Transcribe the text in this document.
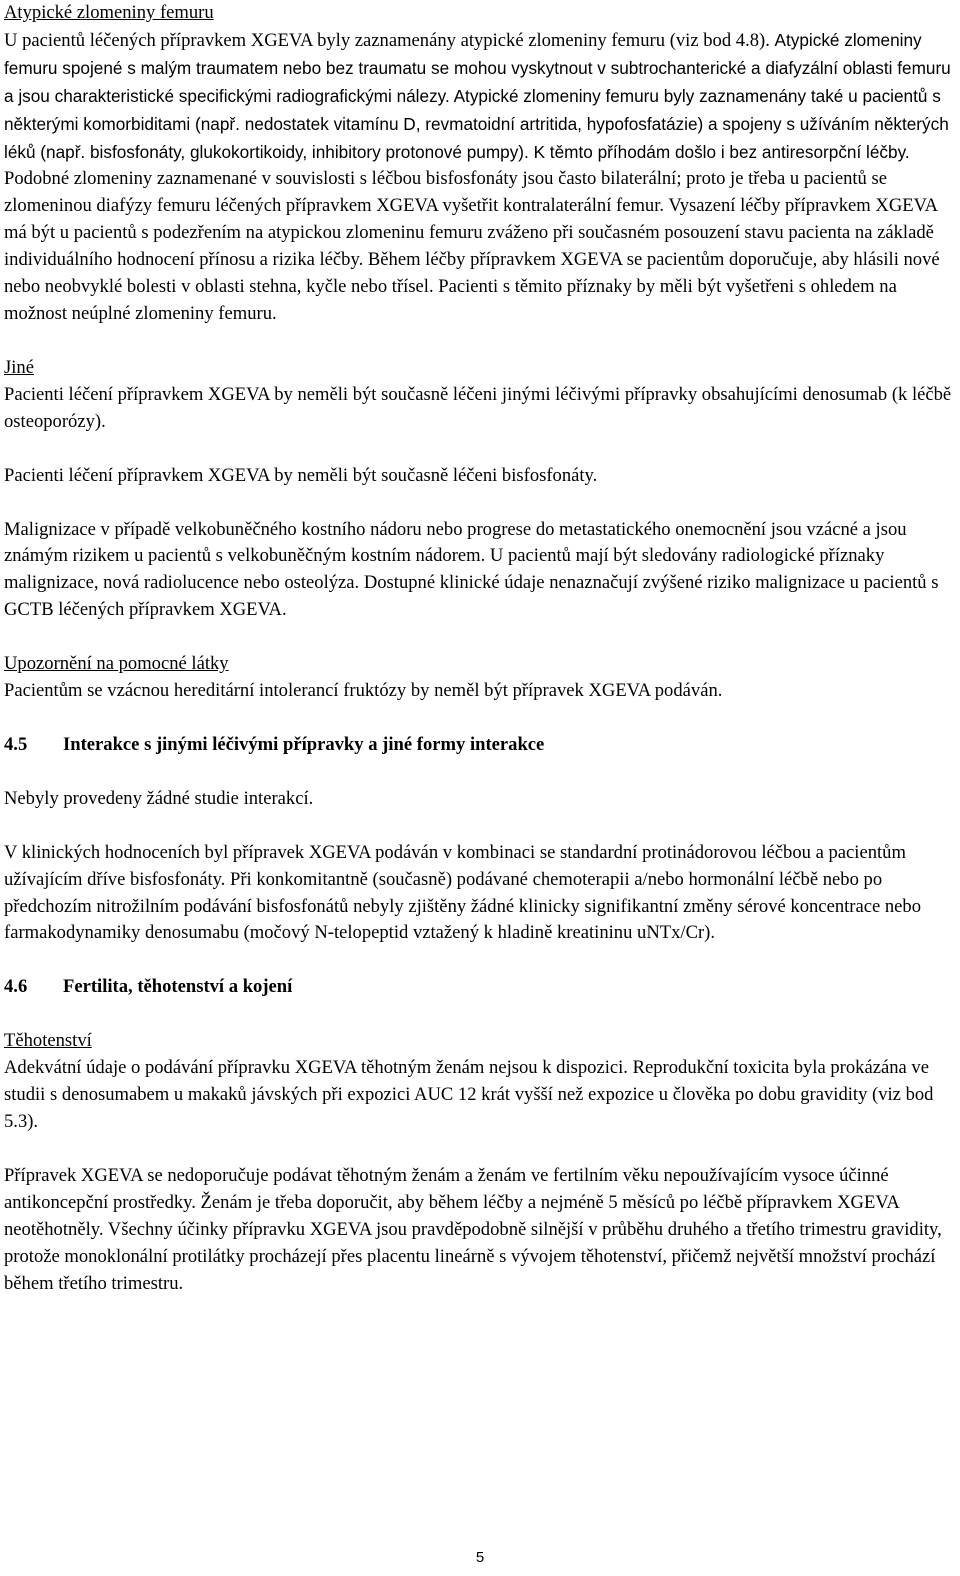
Atypické zlomeniny femuru

U pacientů léčených přípravkem XGEVA byly zaznamenány atypické zlomeniny femuru (viz bod 4.8). Atypické zlomeniny femuru spojené s malým traumatem nebo bez traumatu se mohou vyskytnout v subtrochanterické a diafyzální oblasti femuru a jsou charakteristické specifickými radiografickými nálezy. Atypické zlomeniny femuru byly zaznamenány také u pacientů s některými komorbiditami (např. nedostatek vitamínu D, revmatoidní artritida, hypofosfatázie) a spojeny s užíváním některých léků (např. bisfosfonáty, glukokortikoidy, inhibitory protonové pumpy). K těmto příhodám došlo i bez antiresorpční léčby. Podobné zlomeniny zaznamenané v souvislosti s léčbou bisfosfonáty jsou často bilaterální; proto je třeba u pacientů se zlomeninou diafýzy femuru léčených přípravkem XGEVA vyšetřit kontralaterální femur. Vysazení léčby přípravkem XGEVA má být u pacientů s podezřením na atypickou zlomeninu femuru zváženo při současném posouzení stavu pacienta na základě individuálního hodnocení přínosu a rizika léčby. Během léčby přípravkem XGEVA se pacientům doporučuje, aby hlásili nové nebo neobvyklé bolesti v oblasti stehna, kyčle nebo třísel. Pacienti s těmito příznaky by měli být vyšetřeni s ohledem na možnost neúplné zlomeniny femuru.

Jiné

Pacienti léčení přípravkem XGEVA by neměli být současně léčeni jinými léčivými přípravky obsahujícími denosumab (k léčbě osteoporózy).

Pacienti léčení přípravkem XGEVA by neměli být současně léčeni bisfosfonáty.

Malignizace v případě velkobuněčného kostního nádoru nebo progrese do metastatického onemocnění jsou vzácné a jsou známým rizikem u pacientů s velkobuněčným kostním nádorem. U pacientů mají být sledovány radiologické příznaky malignizace, nová radiolucence nebo osteolýza. Dostupné klinické údaje nenaznačují zvýšené riziko malignizace u pacientů s GCTB léčených přípravkem XGEVA.

Upozornění na pomocné látky

Pacientům se vzácnou hereditární intolerancí fruktózy by neměl být přípravek XGEVA podáván.

4.5	Interakce s jinými léčivými přípravky a jiné formy interakce

Nebyly provedeny žádné studie interakcí.

V klinických hodnoceních byl přípravek XGEVA podáván v kombinaci se standardní protinádorovou léčbou a pacientům užívajícím dříve bisfosfonáty. Při konkomitantně (současně) podávané chemoterapii a/nebo hormonální léčbě nebo po předchozím nitrožilním podávání bisfosfonátů nebyly zjištěny žádné klinicky signifikantní změny sérové koncentrace nebo farmakodynamiky denosumabu (močový N-telopeptid vztažený k hladině kreatininu uNTx/Cr).

4.6	Fertilita, těhotenství a kojení

Těhotenství

Adekvátní údaje o podávání přípravku XGEVA těhotným ženám nejsou k dispozici. Reprodukční toxicita byla prokázána ve studii s denosumabem u makaků jávských při expozici AUC 12 krát vyšší než expozice u člověka po dobu gravidity (viz bod 5.3).

Přípravek XGEVA se nedoporučuje podávat těhotným ženám a ženám ve fertilním věku nepoužívajícím vysoce účinné antikoncepční prostředky. Ženám je třeba doporučit, aby během léčby a nejméně 5 měsíců po léčbě přípravkem XGEVA neotěhotněly. Všechny účinky přípravku XGEVA jsou pravděpodobně silnější v průběhu druhého a třetího trimestru gravidity, protože monoklonální protilátky procházejí přes placentu lineárně s vývojem těhotenství, přičemž největší množství prochází během třetího trimestru.

5
